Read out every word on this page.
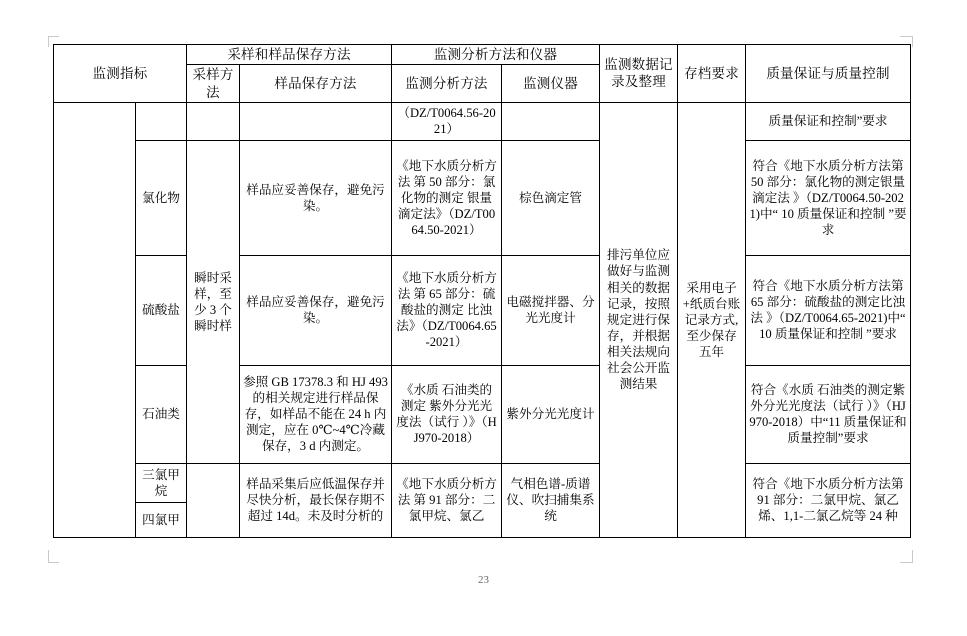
监测指标		采样和样品保存方法		监测分析方法和仪器		监测数据记录及整理	存档要求	质量保证与质量控制
		采样方法	样品保存方法	监测分析方法	监测仪器			
				（DZ/T0064.56-2021）		排污单位应做好与监测相关的数据记录，按照规定进行保存，并根据相关法规向社会公开监测结果	采用电子+纸质台账记录方式,至少保存五年	质量保证和控制”要求
	氯化物	瞬时采样，至少 3 个瞬时样	样品应妥善保存，避免污染。	《地下水质分析方法 第 50 部分：氯化物的测定 银量滴定法》（DZ/T0064.50-2021）	棕色滴定管			符合《地下水质分析方法第 50 部分：氯化物的测定银量滴定法 》（DZ/T0064.50-2021)中“ 10 质量保证和控制 ”要求
	硫酸盐		样品应妥善保存，避免污染。	《地下水质分析方法 第 65 部分：硫酸盐的测定 比浊法》（DZ/T0064.65-2021）	电磁搅拌器、分光光度计			符合《地下水质分析方法第 65 部分：硫酸盐的测定比浊法 》（DZ/T0064.65-2021)中“ 10 质量保证和控制 ”要求
	石油类		参照 GB 17378.3 和 HJ 493 的相关规定进行样品保存，如样品不能在 24 h 内测定，应在 0℃~4℃冷藏保存，3 d 内测定。	《水质 石油类的测定 紫外分光光度法（试行 ）》（HJ970-2018）	紫外分光光度计			符合《水质 石油类的测定紫外分光光度法（试行 ）》（HJ970-2018）中“11 质量保证和质量控制”要求
	三氯甲烷		样品采集后应低温保存并尽快分析，最长保存期不超过 14d。未及时分析的	《地下水质分析方法 第 91 部分：二氯甲烷、氯乙	气相色谱-质谱仪、吹扫捕集系统			符合《地下水质分析方法第 91 部分：二氯甲烷、氯乙烯、1,1-二氯乙烷等 24 种
	四氯甲							
23
